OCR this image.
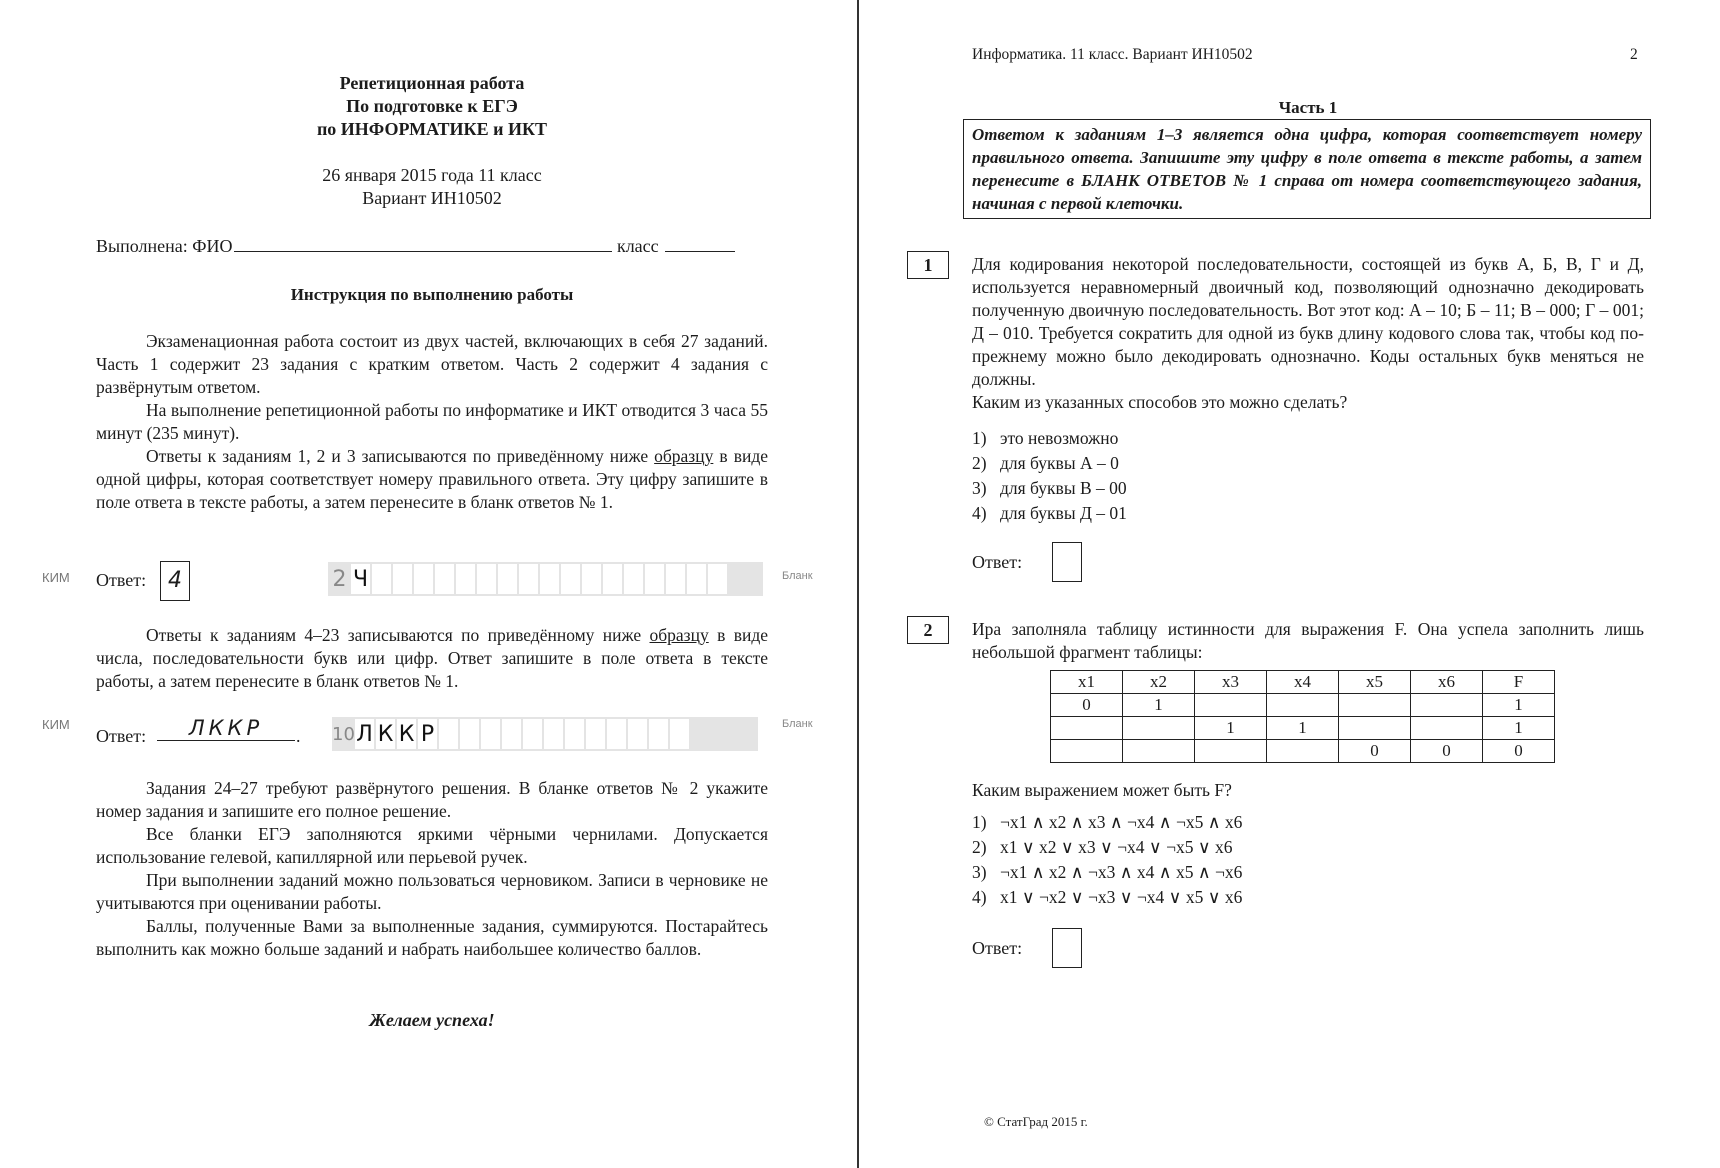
Репетиционная работа
По подготовке к ЕГЭ
по ИНФОРМАТИКЕ и ИКТ
26 января 2015 года 11 класс
Вариант ИН10502
Выполнена: ФИО	класс
Инструкция по выполнению работы

Экзаменационная работа состоит из двух частей, включающих в себя 27 заданий. Часть 1 содержит 23 задания с кратким ответом. Часть 2 содержит 4 задания с развёрнутым ответом.

На выполнение репетиционной работы по информатике и ИКТ отводится 3 часа 55 минут (235 минут).

Ответы к заданиям 1, 2 и 3 записываются по приведённому ниже образцу в виде одной цифры, которая соответствует номеру правильного ответа. Эту цифру запишите в поле ответа в тексте работы, а затем перенесите в бланк ответов № 1.

КИМ Ответ: 4	2 Ч	Бланк

Ответы к заданиям 4–23 записываются по приведённому ниже образцу в виде числа, последовательности букв или цифр. Ответ запишите в поле ответа в тексте работы, а затем перенесите в бланк ответов № 1.

КИМ
Ответ:	ЛККР	. 10 Л К К Р	Бланк

Задания 24–27 требуют развёрнутого решения. В бланке ответов № 2 укажите номер задания и запишите его полное решение.

Все бланки ЕГЭ заполняются яркими чёрными чернилами. Допускается использование гелевой, капиллярной или перьевой ручек.

При выполнении заданий можно пользоваться черновиком. Записи в черновике не учитываются при оценивании работы.

Баллы, полученные Вами за выполненные задания, суммируются. Постарайтесь выполнить как можно больше заданий и набрать наибольшее количество баллов.

Желаем успеха!
Информатика. 11 класс. Вариант ИН10502	2
Часть 1
Ответом к заданиям 1–3 является одна цифра, которая соответствует номеру правильного ответа. Запишите эту цифру в поле ответа в тексте работы, а затем перенесите в БЛАНК ОТВЕТОВ № 1 справа от номера соответствующего задания, начиная с первой клеточки.
1	Для кодирования некоторой последовательности, состоящей из букв А, Б, В, Г и Д, используется неравномерный двоичный код, позволяющий однозначно декодировать полученную двоичную последовательность. Вот этот код: А – 10; Б – 11; В – 000; Г – 001; Д – 010. Требуется сократить для одной из букв длину кодового слова так, чтобы код по-прежнему можно было декодировать однозначно. Коды остальных букв меняться не должны.
Каким из указанных способов это можно сделать?
1) это невозможно
2) для буквы А – 0
3) для буквы В – 00
4) для буквы Д – 01
Ответ:
2	Ира заполняла таблицу истинности для выражения F. Она успела заполнить лишь небольшой фрагмент таблицы:
x1	x2	x3	x4	x5	x6	F
0	1					1
		1	1			1
				0	0	0
Каким выражением может быть F?
1) ¬x1 ∧ x2 ∧ x3 ∧ ¬x4 ∧ ¬x5 ∧ x6
2) x1 ∨ x2 ∨ x3 ∨ ¬x4 ∨ ¬x5 ∨ x6
3) ¬x1 ∧ x2 ∧ ¬x3 ∧ x4 ∧ x5 ∧ ¬x6
4) x1 ∨ ¬x2 ∨ ¬x3 ∨ ¬x4 ∨ x5 ∨ x6
Ответ:
© СтатГрад 2015 г.
